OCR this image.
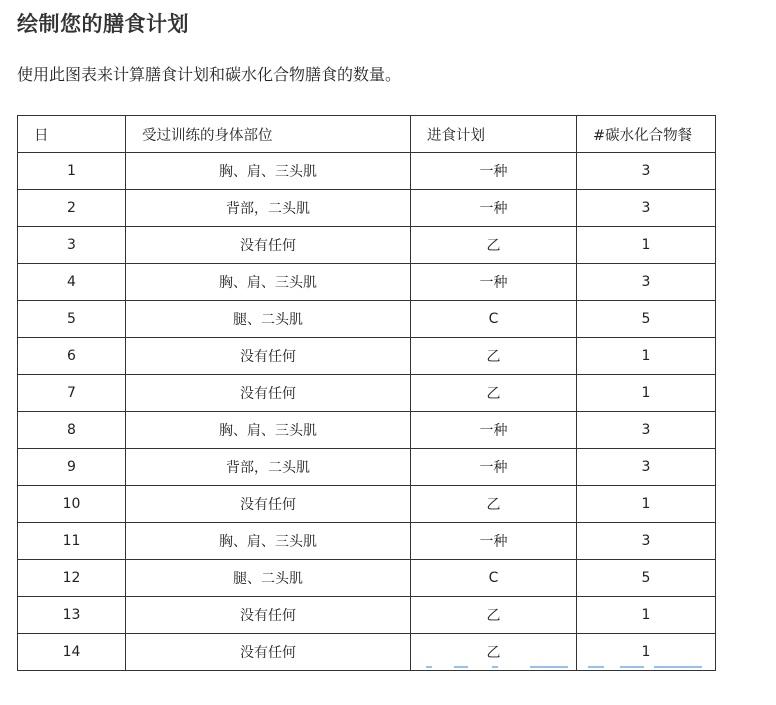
绘制您的膳食计划

使用此图表来计算膳食计划和碳水化合物膳食的数量。

日	受过训练的身体部位	进食计划	#碳水化合物餐
1	胸、肩、三头肌	一种	3
2	背部，二头肌	一种	3
3	没有任何	乙	1
4	胸、肩、三头肌	一种	3
5	腿、二头肌	C	5
6	没有任何	乙	1
7	没有任何	乙	1
8	胸、肩、三头肌	一种	3
9	背部，二头肌	一种	3
10	没有任何	乙	1
11	胸、肩、三头肌	一种	3
12	腿、二头肌	C	5
13	没有任何	乙	1
14	没有任何	乙	1
